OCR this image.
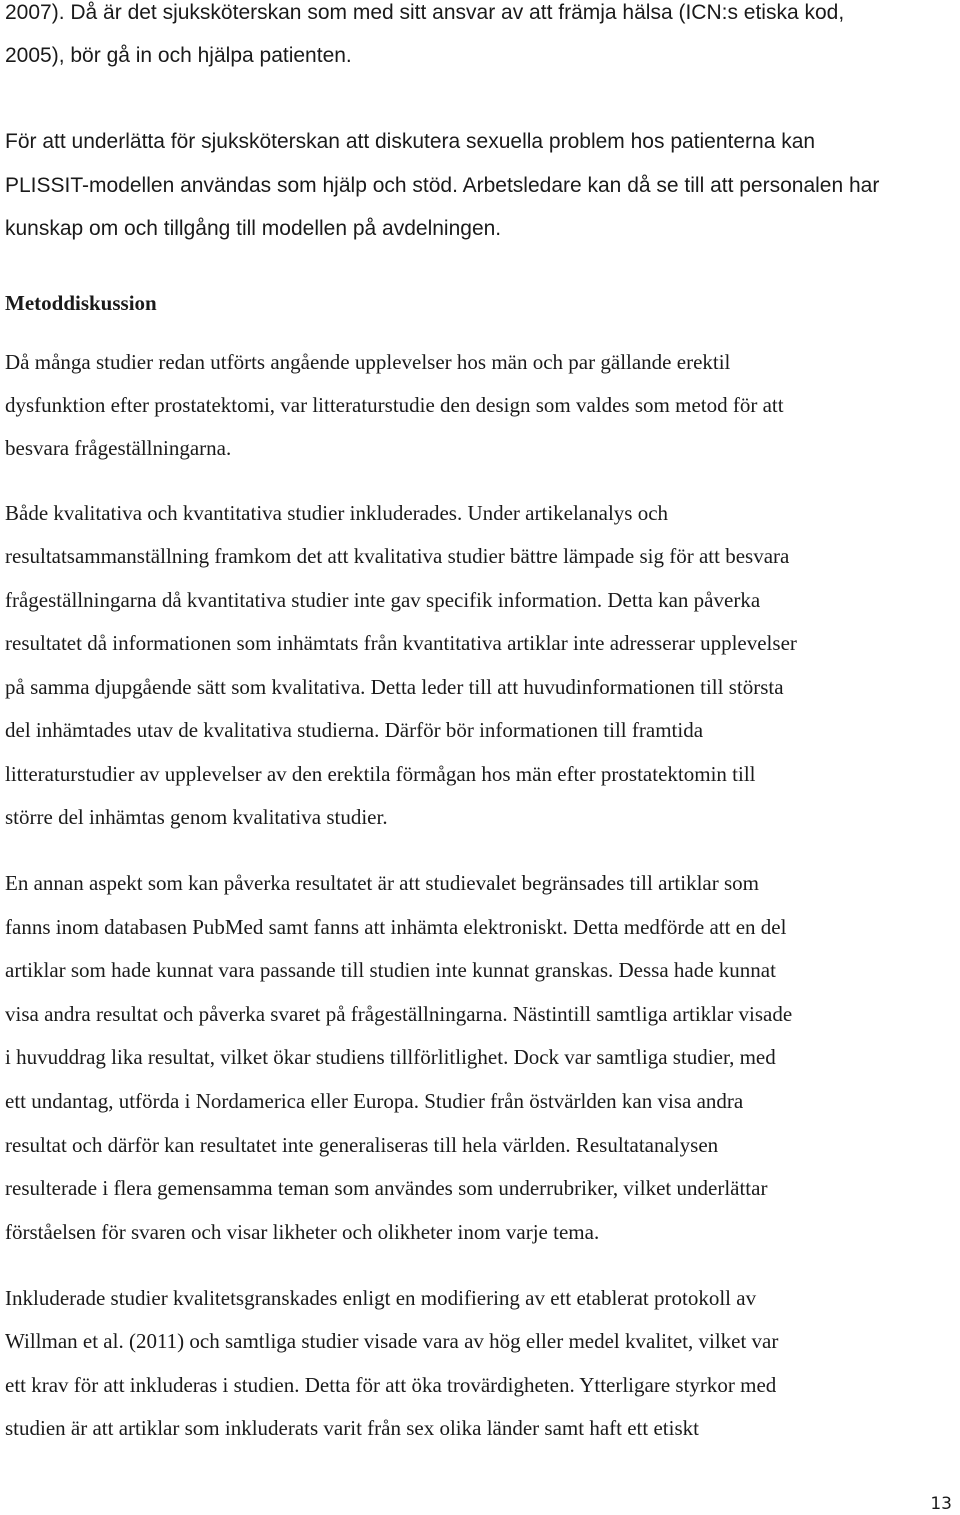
2007). Då är det sjuksköterskan som med sitt ansvar av att främja hälsa (ICN:s etiska kod,

2005), bör gå in och hjälpa patienten.

För att underlätta för sjuksköterskan att diskutera sexuella problem hos patienterna kan

PLISSIT-modellen användas som hjälp och stöd. Arbetsledare kan då se till att personalen har

kunskap om och tillgång till modellen på avdelningen.

Metoddiskussion

Då många studier redan utförts angående upplevelser hos män och par gällande erektil

dysfunktion efter prostatektomi, var litteraturstudie den design som valdes som metod för att

besvara frågeställningarna.

Både kvalitativa och kvantitativa studier inkluderades. Under artikelanalys och

resultatsammanställning framkom det att kvalitativa studier bättre lämpade sig för att besvara

frågeställningarna då kvantitativa studier inte gav specifik information. Detta kan påverka

resultatet då informationen som inhämtats från kvantitativa artiklar inte adresserar upplevelser

på samma djupgående sätt som kvalitativa. Detta leder till att huvudinformationen till största

del inhämtades utav de kvalitativa studierna. Därför bör informationen till framtida

litteraturstudier av upplevelser av den erektila förmågan hos män efter prostatektomin till

större del inhämtas genom kvalitativa studier.

En annan aspekt som kan påverka resultatet är att studievalet begränsades till artiklar som

fanns inom databasen PubMed samt fanns att inhämta elektroniskt. Detta medförde att en del

artiklar som hade kunnat vara passande till studien inte kunnat granskas. Dessa hade kunnat

visa andra resultat och påverka svaret på frågeställningarna. Nästintill samtliga artiklar visade

i huvuddrag lika resultat, vilket ökar studiens tillförlitlighet. Dock var samtliga studier, med

ett undantag, utförda i Nordamerica eller Europa. Studier från östvärlden kan visa andra

resultat och därför kan resultatet inte generaliseras till hela världen. Resultatanalysen

resulterade i flera gemensamma teman som användes som underrubriker, vilket underlättar

förståelsen för svaren och visar likheter och olikheter inom varje tema.

Inkluderade studier kvalitetsgranskades enligt en modifiering av ett etablerat protokoll av

Willman et al. (2011) och samtliga studier visade vara av hög eller medel kvalitet, vilket var

ett krav för att inkluderas i studien. Detta för att öka trovärdigheten. Ytterligare styrkor med

studien är att artiklar som inkluderats varit från sex olika länder samt haft ett etiskt

13
